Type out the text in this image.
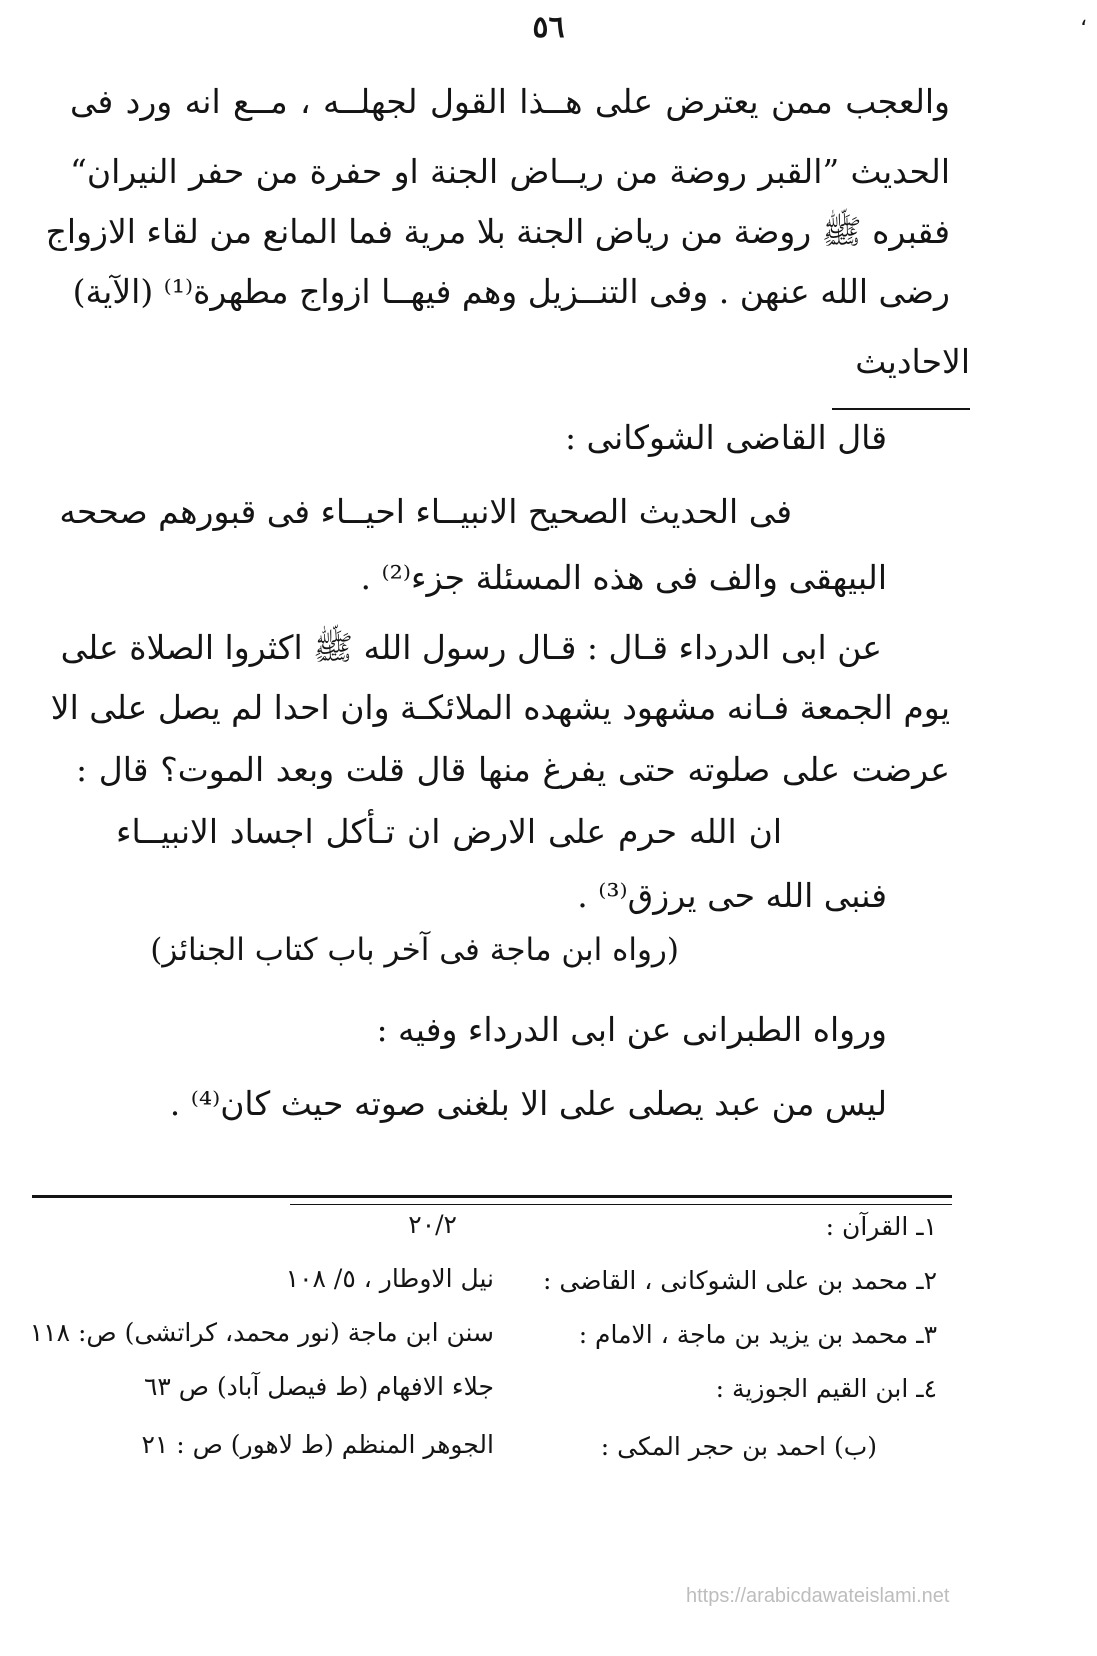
،
٥٦
والعجب ممن يعترض على هــذا القول لجهلــه ، مــع انه ورد فى
الحديث ”القبر روضة من ريــاض الجنة او حفرة من حفر النيران“
فقبره ﷺ روضة من رياض الجنة بلا مرية فما المانع من لقاء الازواج
رضى الله عنهن . وفى التنــزيل وهم فيهــا ازواج مطهرة⁽¹⁾ (الآية)
الاحاديث
قال القاضى الشوكانى :
فى الحديث الصحيح الانبيــاء احيــاء فى قبورهم صححه
البيهقى والف فى هذه المسئلة جزء⁽²⁾ .
عن ابى الدرداء قـال : قـال رسول الله ﷺ اكثروا الصلاة على
يوم الجمعة فـانه مشهود يشهده الملائكـة وان احدا لم يصل على الا
عرضت على صلوته حتى يفرغ منها قال قلت وبعد الموت؟ قال :
ان الله حرم على الارض ان تـأكل اجساد الانبيــاء
فنبى الله حى يرزق⁽³⁾ .
(رواه ابن ماجة فى آخر باب كتاب الجنائز)
ورواه الطبرانى عن ابى الدرداء وفيه :
ليس من عبد يصلى على الا بلغنى صوته حيث كان⁽⁴⁾ .
١ـ القرآن :
٢٠/٢
٢ـ محمد بن على الشوكانى ، القاضى :
نيل الاوطار ، ٥/ ١٠٨
٣ـ محمد بن يزيد بن ماجة ، الامام :
سنن ابن ماجة (نور محمد، كراتشى) ص: ١١٨
٤ـ ابن القيم الجوزية :
جلاء الافهام (ط فيصل آباد) ص ٦٣
(ب) احمد بن حجر المكى :
الجوهر المنظم (ط لاهور) ص : ٢١
https://arabicdawateislami.net
